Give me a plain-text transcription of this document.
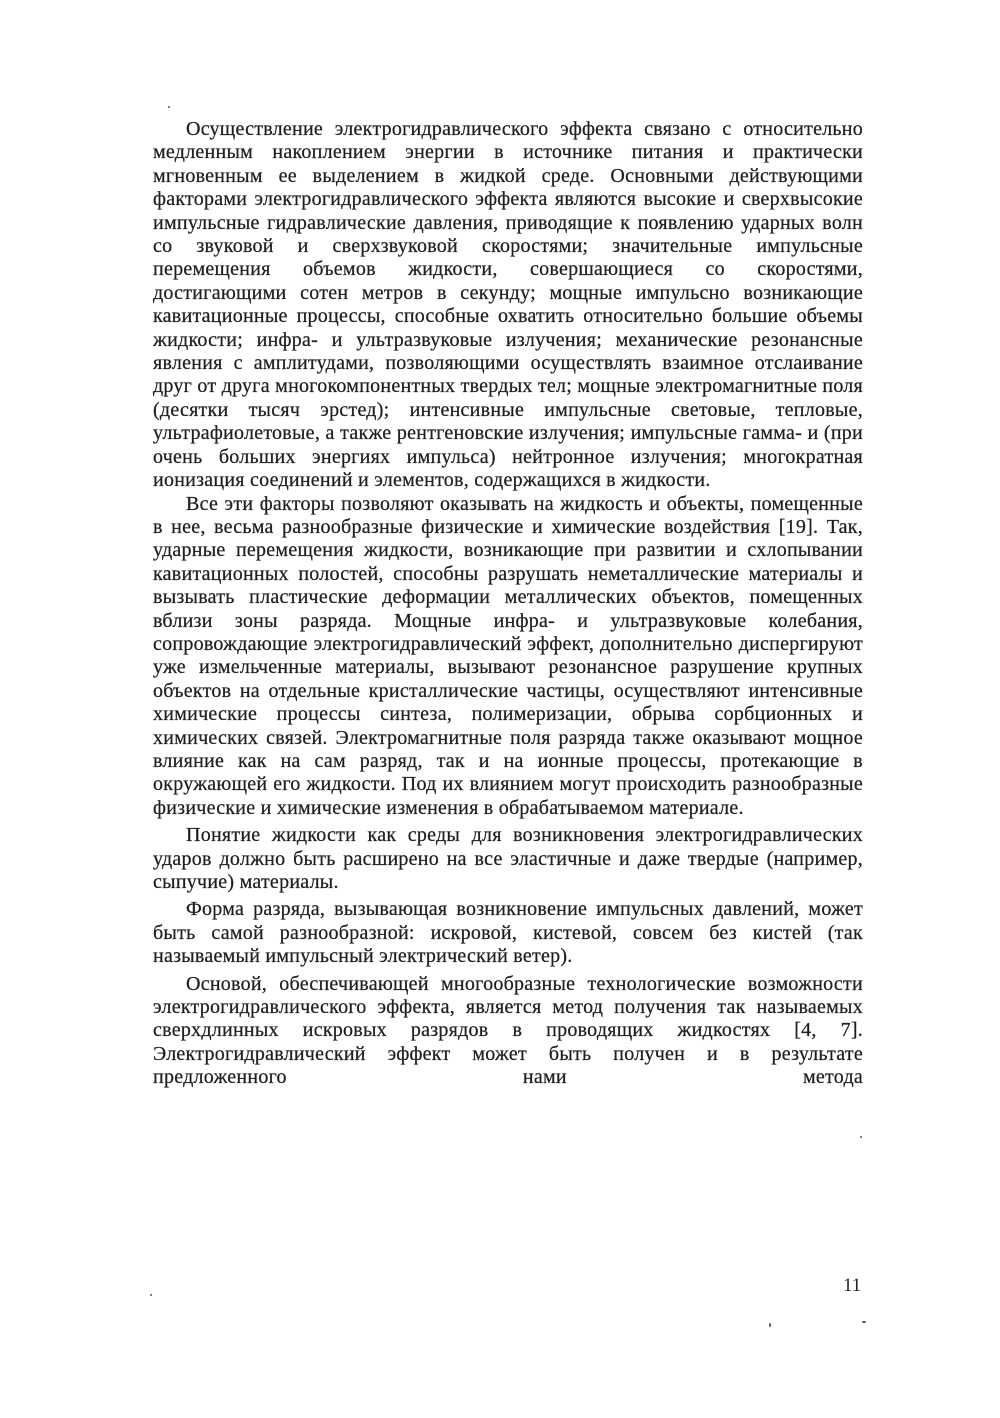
Осуществление электрогидравлического эффекта связано с относительно медленным накоплением энергии в источнике питания и практически мгновенным ее выделением в жидкой среде. Основными действующими факторами электрогидравлического эффекта являются высокие и сверхвысокие импульсные гидравлические давления, приводящие к появлению ударных волн со звуковой и сверхзвуковой скоростями; значительные импульсные перемещения объемов жидкости, совершающиеся со скоростями, достигающими сотен метров в секунду; мощные импульсно возникающие кавитационные процессы, способные охватить относительно большие объемы жидкости; инфра- и ультразвуковые излучения; механические резонансные явления с амплитудами, позволяющими осуществлять взаимное отслаивание друг от друга многокомпонентных твердых тел; мощные электромагнитные поля (десятки тысяч эрстед); интенсивные импульсные световые, тепловые, ультрафиолетовые, а также рентгеновские излучения; импульсные гамма- и (при очень больших энергиях импульса) нейтронное излучения; многократная ионизация соединений и элементов, содержащихся в жидкости.

Все эти факторы позволяют оказывать на жидкость и объекты, помещенные в нее, весьма разнообразные физические и химические воздействия [19]. Так, ударные перемещения жидкости, возникающие при развитии и схлопывании кавитационных полостей, способны разрушать неметаллические материалы и вызывать пластические деформации металлических объектов, помещенных вблизи зоны разряда. Мощные инфра- и ультразвуковые колебания, сопровождающие электрогидравлический эффект, дополнительно диспергируют уже измельченные материалы, вызывают резонансное разрушение крупных объектов на отдельные кристаллические частицы, осуществляют интенсивные химические процессы синтеза, полимеризации, обрыва сорбционных и химических связей. Электромагнитные поля разряда также оказывают мощное влияние как на сам разряд, так и на ионные процессы, протекающие в окружающей его жидкости. Под их влиянием могут происходить разнообразные физические и химические изменения в обрабатываемом материале.

Понятие жидкости как среды для возникновения электрогидравлических ударов должно быть расширено на все эластичные и даже твердые (например, сыпучие) материалы.

Форма разряда, вызывающая возникновение импульсных давлений, может быть самой разнообразной: искровой, кистевой, совсем без кистей (так называемый импульсный электрический ветер).

Основой, обеспечивающей многообразные технологические возможности электрогидравлического эффекта, является метод получения так называемых сверхдлинных искровых разрядов в проводящих жидкостях [4, 7]. Электрогидравлический эффект может быть получен и в результате предложенного нами метода

11
